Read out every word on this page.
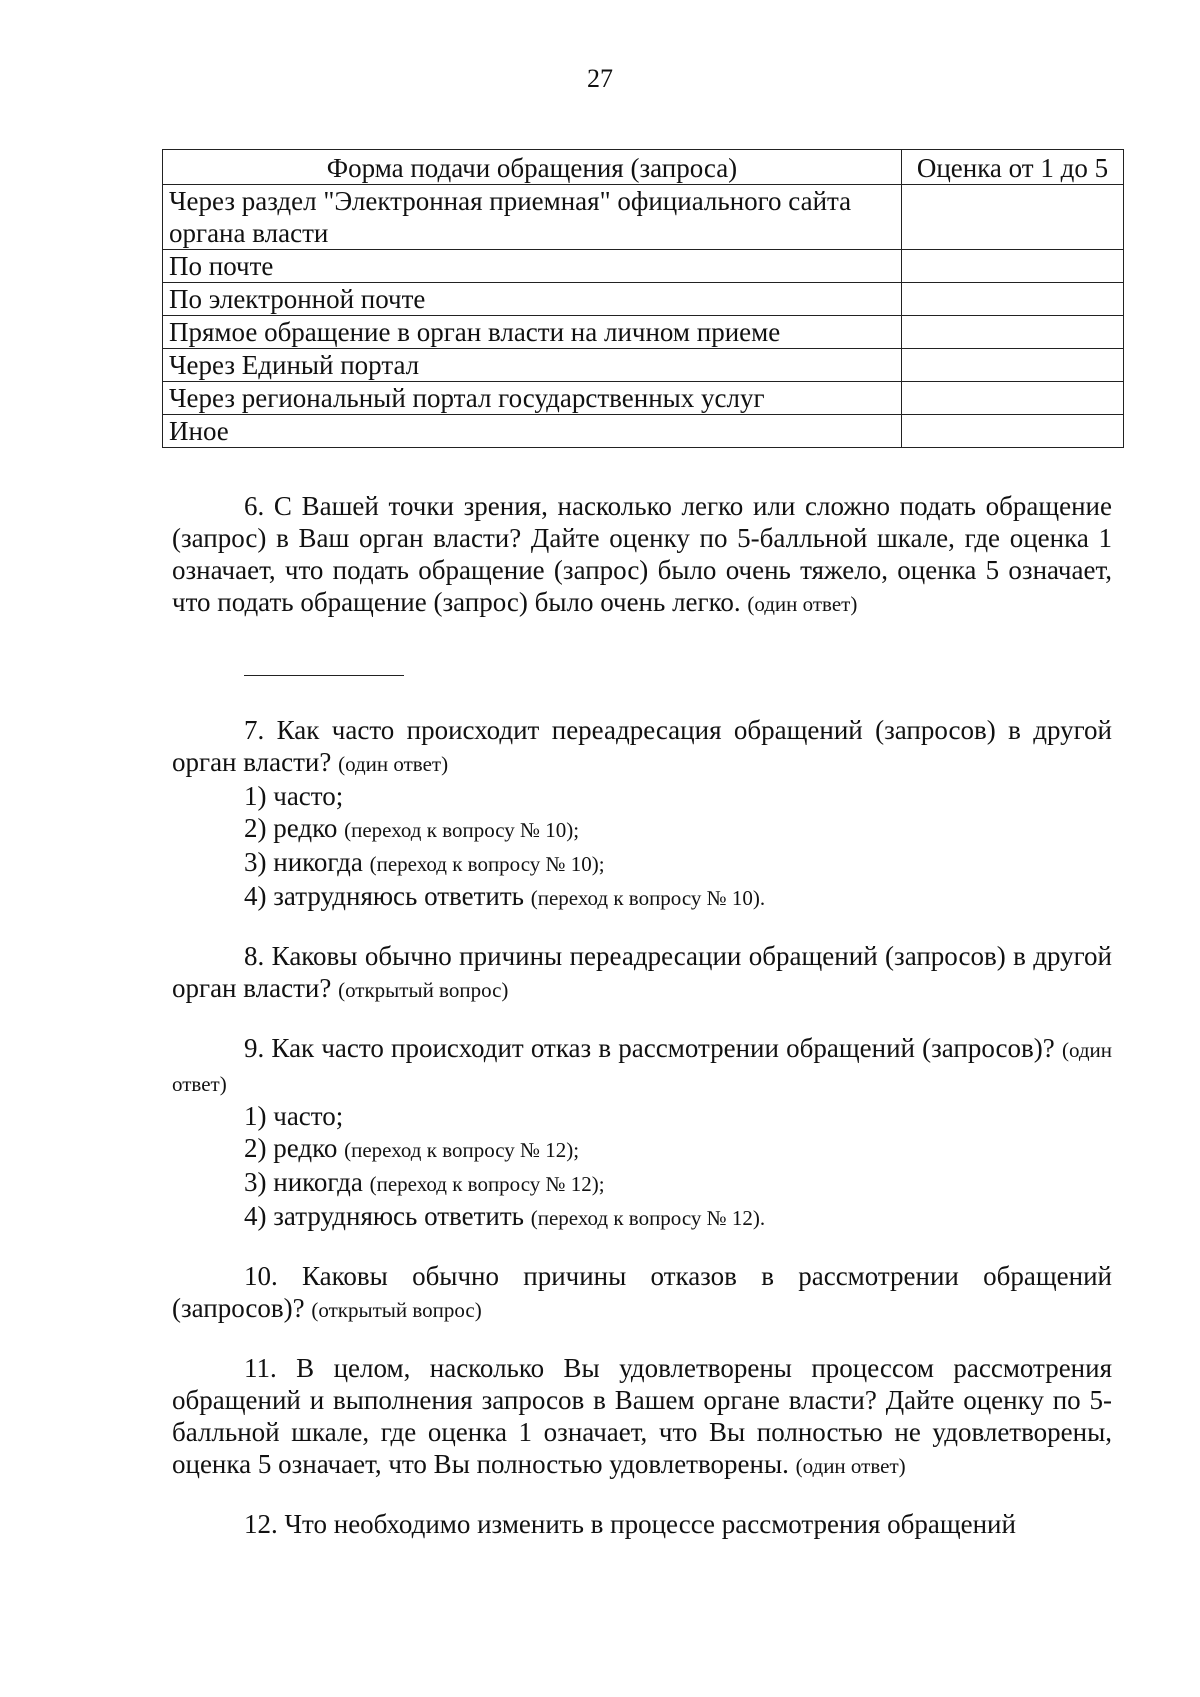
27
Форма подачи обращения (запроса)	Оценка от 1 до 5
Через раздел "Электронная приемная" официального сайта органа власти	
По почте	
По электронной почте	
Прямое обращение в орган власти на личном приеме	
Через Единый портал	
Через региональный портал государственных услуг	
Иное	

6. С Вашей точки зрения, насколько легко или сложно подать обращение (запрос) в Ваш орган власти? Дайте оценку по 5-балльной шкале, где оценка 1 означает, что подать обращение (запрос) было очень тяжело, оценка 5 означает, что подать обращение (запрос) было очень легко. (один ответ)

7. Как часто происходит переадресация обращений (запросов) в другой орган власти? (один ответ)

1) часто;
2) редко (переход к вопросу № 10);
3) никогда (переход к вопросу № 10);
4) затрудняюсь ответить (переход к вопросу № 10).

8. Каковы обычно причины переадресации обращений (запросов) в другой орган власти? (открытый вопрос)

9. Как часто происходит отказ в рассмотрении обращений (запросов)? (один ответ)

1) часто;
2) редко (переход к вопросу № 12);
3) никогда (переход к вопросу № 12);
4) затрудняюсь ответить (переход к вопросу № 12).

10. Каковы обычно причины отказов в рассмотрении обращений (запросов)? (открытый вопрос)

11. В целом, насколько Вы удовлетворены процессом рассмотрения обращений и выполнения запросов в Вашем органе власти? Дайте оценку по 5-балльной шкале, где оценка 1 означает, что Вы полностью не удовлетворены, оценка 5 означает, что Вы полностью удовлетворены. (один ответ)

12. Что необходимо изменить в процессе рассмотрения обращений
